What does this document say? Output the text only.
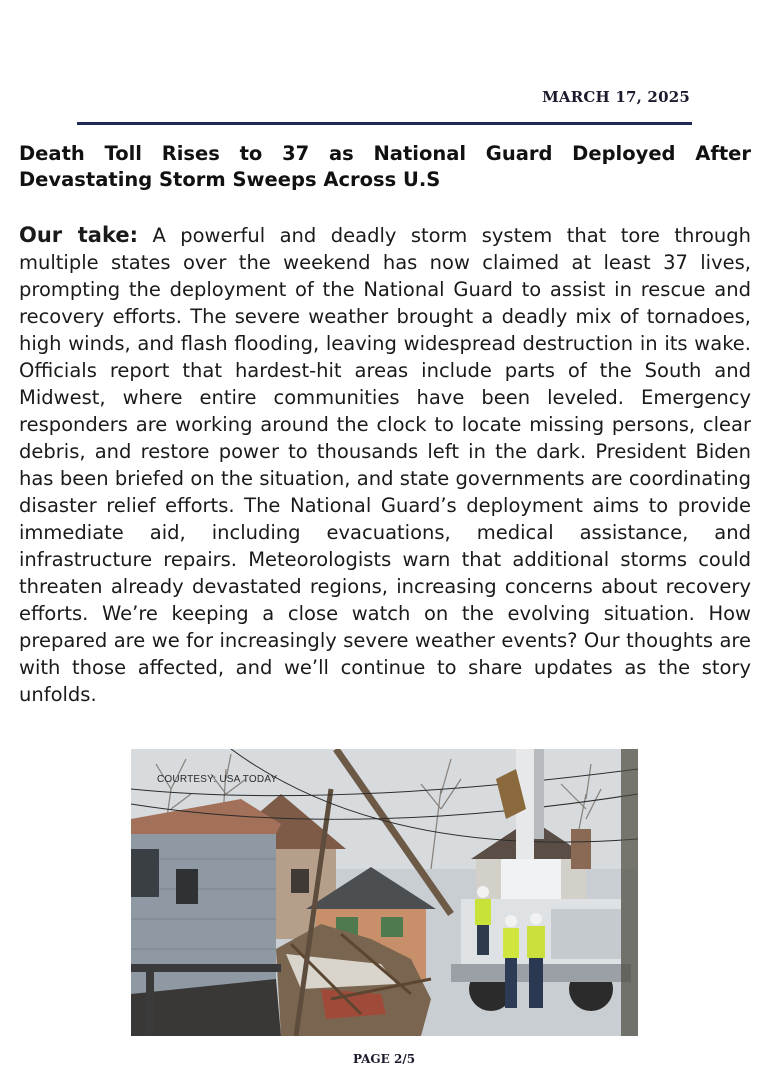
MARCH 17, 2025
Death Toll Rises to 37 as National Guard Deployed After Devastating Storm Sweeps Across U.S

Our take: A powerful and deadly storm system that tore through multiple states over the weekend has now claimed at least 37 lives, prompting the deployment of the National Guard to assist in rescue and recovery efforts. The severe weather brought a deadly mix of tornadoes, high winds, and flash flooding, leaving widespread destruction in its wake. Officials report that hardest-hit areas include parts of the South and Midwest, where entire communities have been leveled. Emergency responders are working around the clock to locate missing persons, clear debris, and restore power to thousands left in the dark. President Biden has been briefed on the situation, and state governments are coordinating disaster relief efforts. The National Guard’s deployment aims to provide immediate aid, including evacuations, medical assistance, and infrastructure repairs. Meteorologists warn that additional storms could threaten already devastated regions, increasing concerns about recovery efforts. We’re keeping a close watch on the evolving situation. How prepared are we for increasingly severe weather events? Our thoughts are with those affected, and we’ll continue to share updates as the story unfolds.

COURTESY: USA TODAY
PAGE 2/5
